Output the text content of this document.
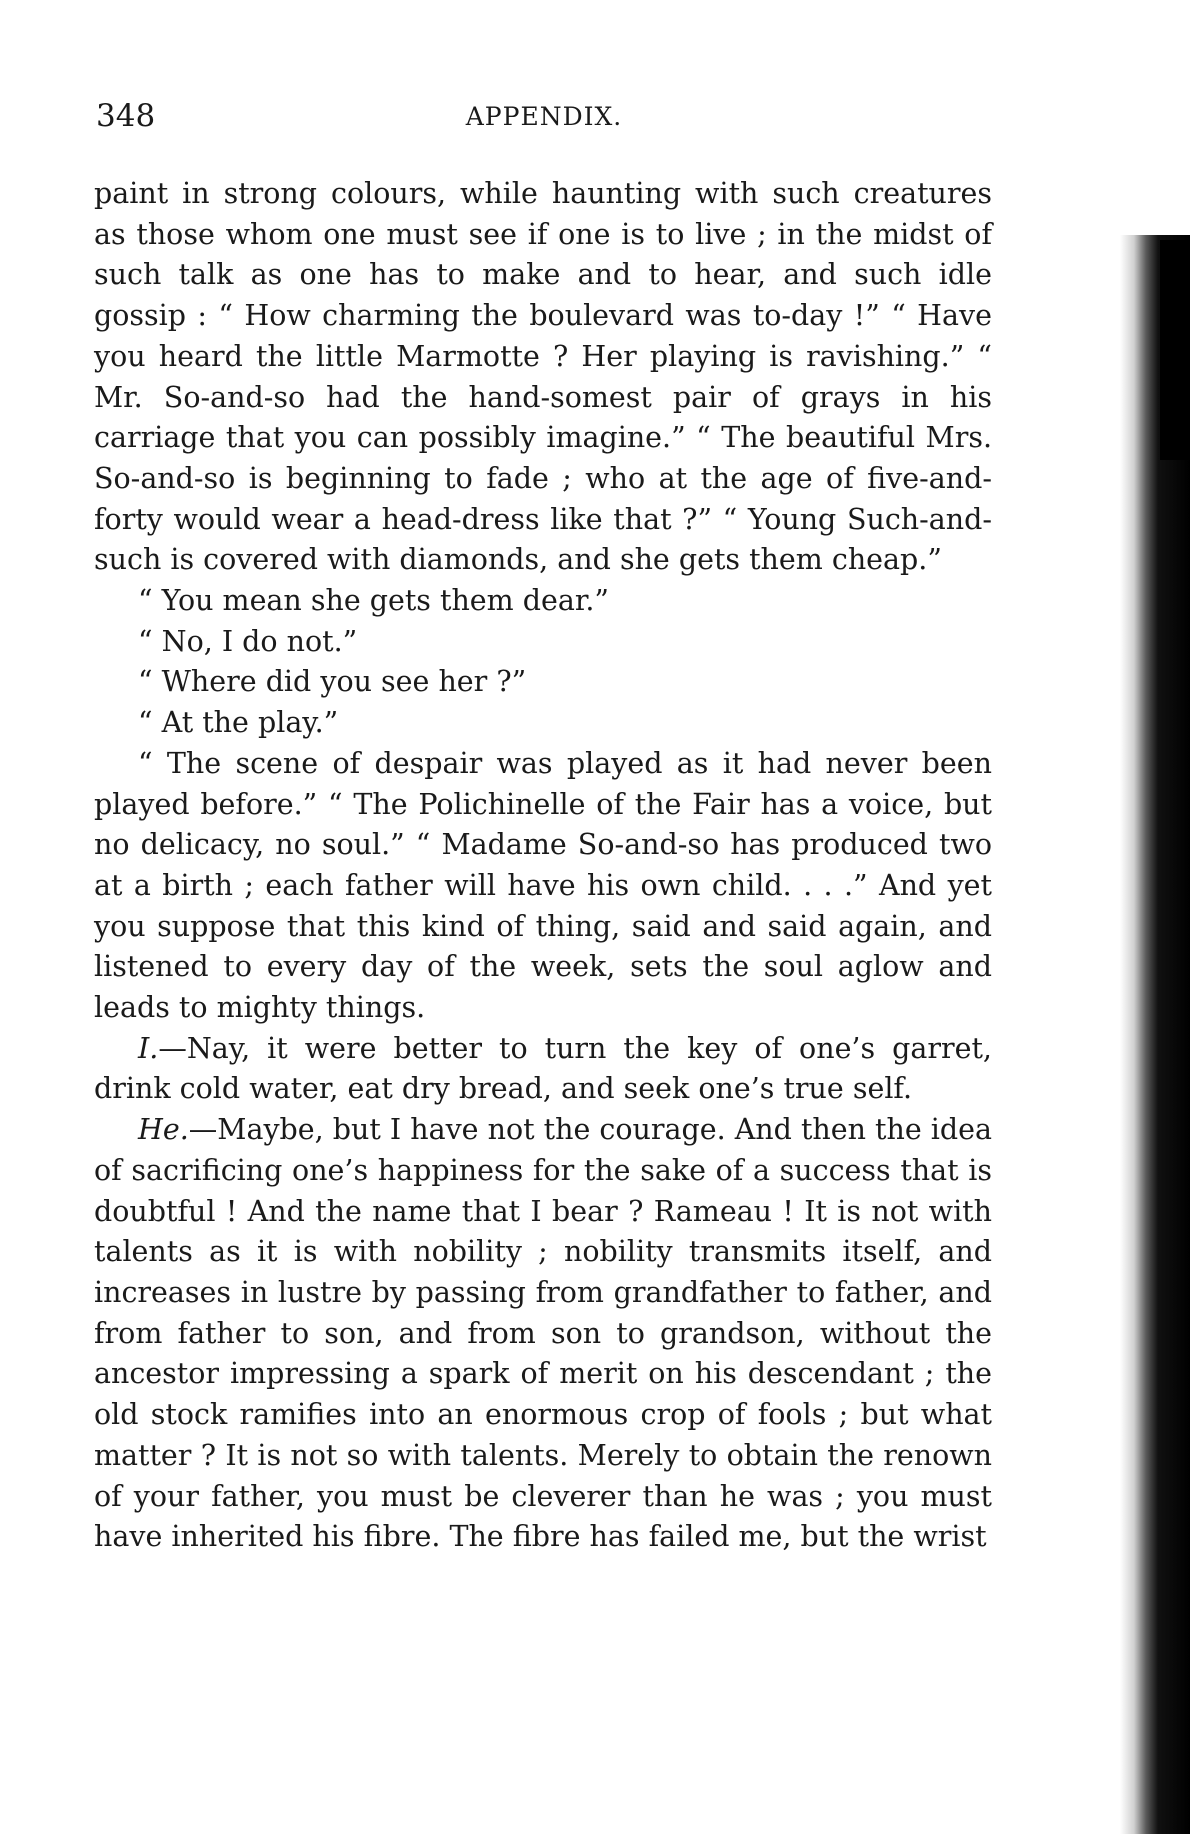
348	APPENDIX.

paint in strong colours, while haunting with such creatures as those whom one must see if one is to live ; in the midst of such talk as one has to make and to hear, and such idle gossip : “ How charming the boulevard was to-day !” “ Have you heard the little Marmotte ? Her playing is ravishing.” “ Mr. So-and-so had the hand-somest pair of grays in his carriage that you can possibly imagine.” “ The beautiful Mrs. So-and-so is beginning to fade ; who at the age of five-and-forty would wear a head-dress like that ?” “ Young Such-and-such is covered with diamonds, and she gets them cheap.”

“ You mean she gets them dear.”

“ No, I do not.”

“ Where did you see her ?”

“ At the play.”

“ The scene of despair was played as it had never been played before.” “ The Polichinelle of the Fair has a voice, but no delicacy, no soul.” “ Madame So-and-so has produced two at a birth ; each father will have his own child. . . .” And yet you suppose that this kind of thing, said and said again, and listened to every day of the week, sets the soul aglow and leads to mighty things.

I.—Nay, it were better to turn the key of one’s garret, drink cold water, eat dry bread, and seek one’s true self.

He.—Maybe, but I have not the courage. And then the idea of sacrificing one’s happiness for the sake of a success that is doubtful ! And the name that I bear ? Rameau ! It is not with talents as it is with nobility ; nobility transmits itself, and increases in lustre by passing from grandfather to father, and from father to son, and from son to grandson, without the ancestor impressing a spark of merit on his descendant ; the old stock ramifies into an enormous crop of fools ; but what matter ? It is not so with talents. Merely to obtain the renown of your father, you must be cleverer than he was ; you must have inherited his fibre. The fibre has failed me, but the wrist
